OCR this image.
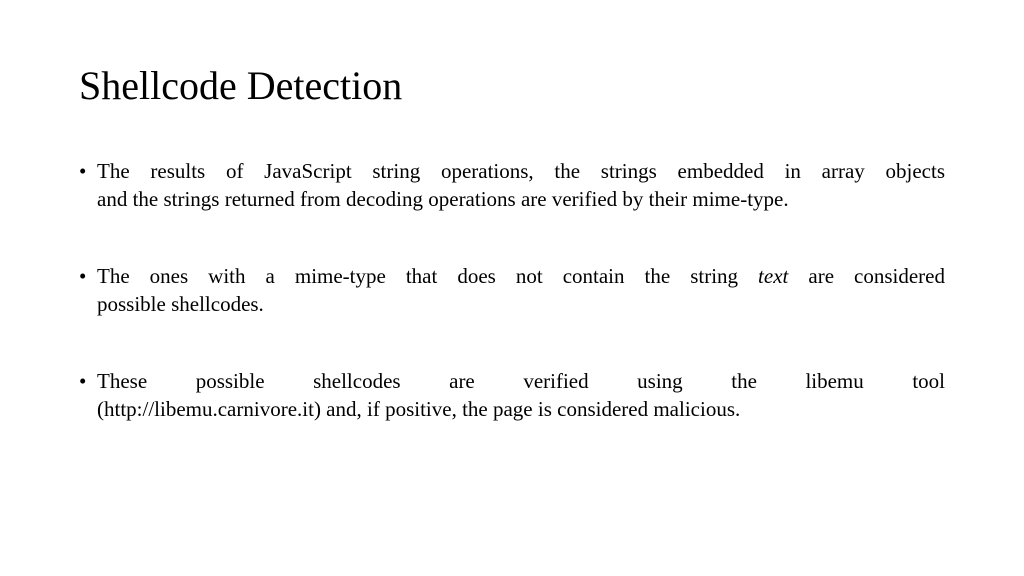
Shellcode Detection
• The results of JavaScript string operations, the strings embedded in array objects
and the strings returned from decoding operations are verified by their mime-type.
• The ones with a mime-type that does not contain the string text are considered
possible shellcodes.
• These possible shellcodes are verified using the libemu tool
(http://libemu.carnivore.it) and, if positive, the page is considered malicious.
